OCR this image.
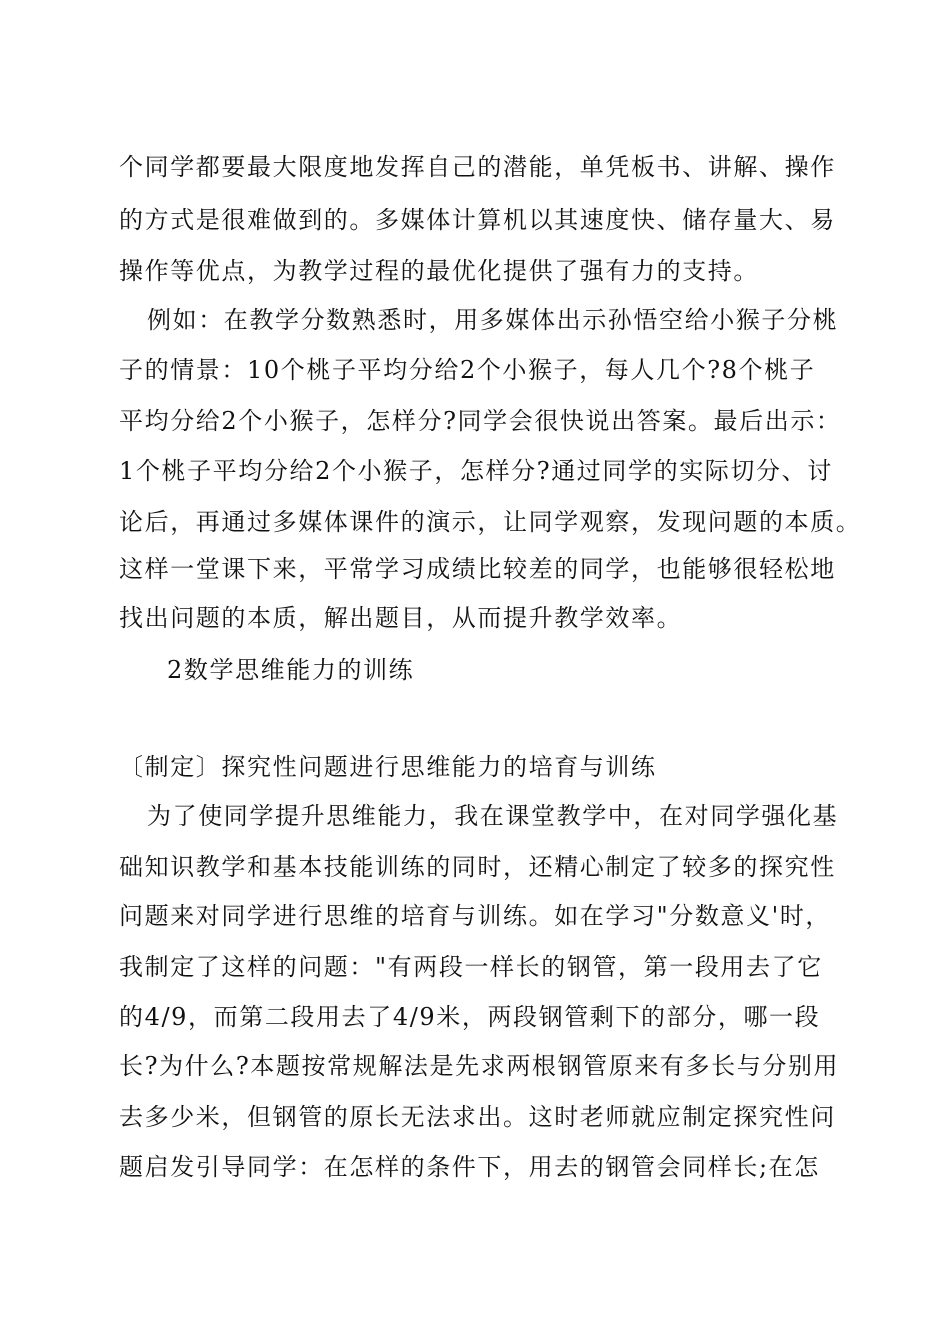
个同学都要最大限度地发挥自己的潜能，单凭板书、讲解、操作
的方式是很难做到的。多媒体计算机以其速度快、储存量大、易
操作等优点，为教学过程的最优化提供了强有力的支持。
例如：在教学分数熟悉时，用多媒体出示孙悟空给小猴子分桃
子的情景：10个桃子平均分给2个小猴子，每人几个?8个桃子
平均分给2个小猴子，怎样分?同学会很快说出答案。最后出示：
1个桃子平均分给2个小猴子，怎样分?通过同学的实际切分、讨
论后，再通过多媒体课件的演示，让同学观察，发现问题的本质。
这样一堂课下来，平常学习成绩比较差的同学，也能够很轻松地
找出问题的本质，解出题目，从而提升教学效率。
2数学思维能力的训练
〔制定〕探究性问题进行思维能力的培育与训练
为了使同学提升思维能力，我在课堂教学中，在对同学强化基
础知识教学和基本技能训练的同时，还精心制定了较多的探究性
问题来对同学进行思维的培育与训练。如在学习"分数意义'时，
我制定了这样的问题："有两段一样长的钢管，第一段用去了它
的4/9，而第二段用去了4/9米，两段钢管剩下的部分，哪一段
长?为什么?本题按常规解法是先求两根钢管原来有多长与分别用
去多少米，但钢管的原长无法求出。这时老师就应制定探究性问
题启发引导同学：在怎样的条件下，用去的钢管会同样长;在怎
